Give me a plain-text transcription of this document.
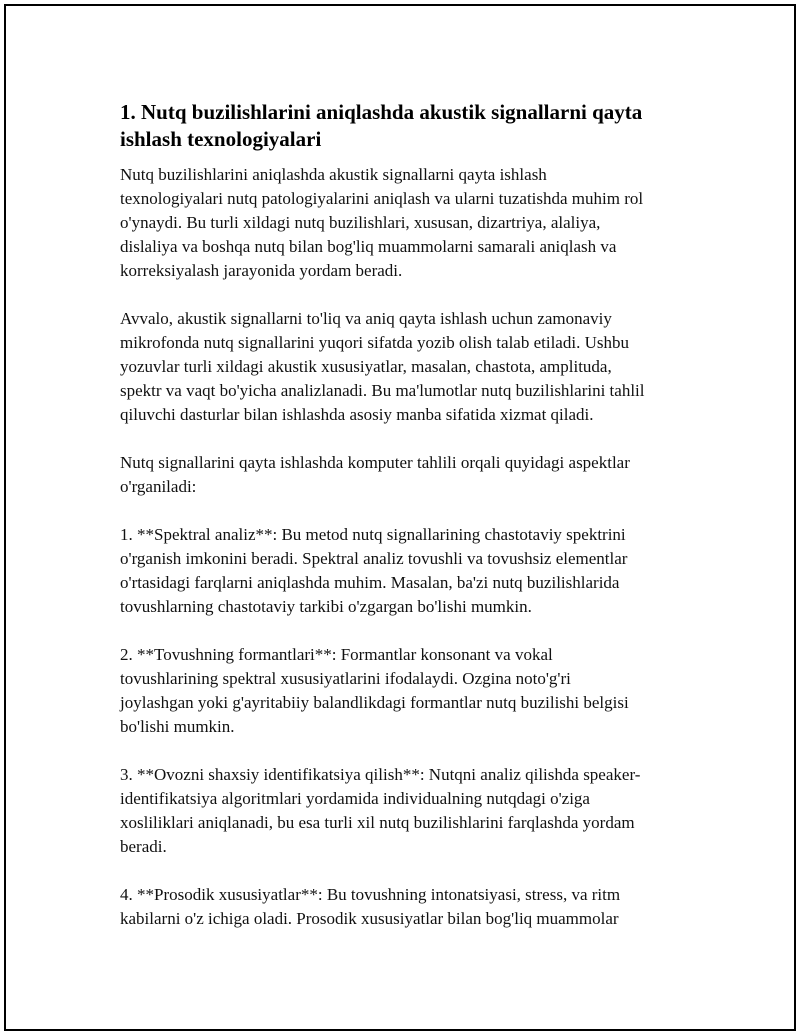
1. Nutq buzilishlarini aniqlashda akustik signallarni qayta
ishlash texnologiyalari

Nutq buzilishlarini aniqlashda akustik signallarni qayta ishlash
texnologiyalari nutq patologiyalarini aniqlash va ularni tuzatishda muhim rol
o'ynaydi. Bu turli xildagi nutq buzilishlari, xususan, dizartriya, alaliya,
dislaliya va boshqa nutq bilan bog'liq muammolarni samarali aniqlash va
korreksiyalash jarayonida yordam beradi.

Avvalo, akustik signallarni to'liq va aniq qayta ishlash uchun zamonaviy
mikrofonda nutq signallarini yuqori sifatda yozib olish talab etiladi. Ushbu
yozuvlar turli xildagi akustik xususiyatlar, masalan, chastota, amplituda,
spektr va vaqt bo'yicha analizlanadi. Bu ma'lumotlar nutq buzilishlarini tahlil
qiluvchi dasturlar bilan ishlashda asosiy manba sifatida xizmat qiladi.

Nutq signallarini qayta ishlashda komputer tahlili orqali quyidagi aspektlar
o'rganiladi:

1. **Spektral analiz**: Bu metod nutq signallarining chastotaviy spektrini
o'rganish imkonini beradi. Spektral analiz tovushli va tovushsiz elementlar
o'rtasidagi farqlarni aniqlashda muhim. Masalan, ba'zi nutq buzilishlarida
tovushlarning chastotaviy tarkibi o'zgargan bo'lishi mumkin.

2. **Tovushning formantlari**: Formantlar konsonant va vokal
tovushlarining spektral xususiyatlarini ifodalaydi. Ozgina noto'g'ri
joylashgan yoki g'ayritabiiy balandlikdagi formantlar nutq buzilishi belgisi
bo'lishi mumkin.

3. **Ovozni shaxsiy identifikatsiya qilish**: Nutqni analiz qilishda speaker-
identifikatsiya algoritmlari yordamida individualning nutqdagi o'ziga
xosliliklari aniqlanadi, bu esa turli xil nutq buzilishlarini farqlashda yordam
beradi.

4. **Prosodik xususiyatlar**: Bu tovushning intonatsiyasi, stress, va ritm
kabilarni o'z ichiga oladi. Prosodik xususiyatlar bilan bog'liq muammolar
